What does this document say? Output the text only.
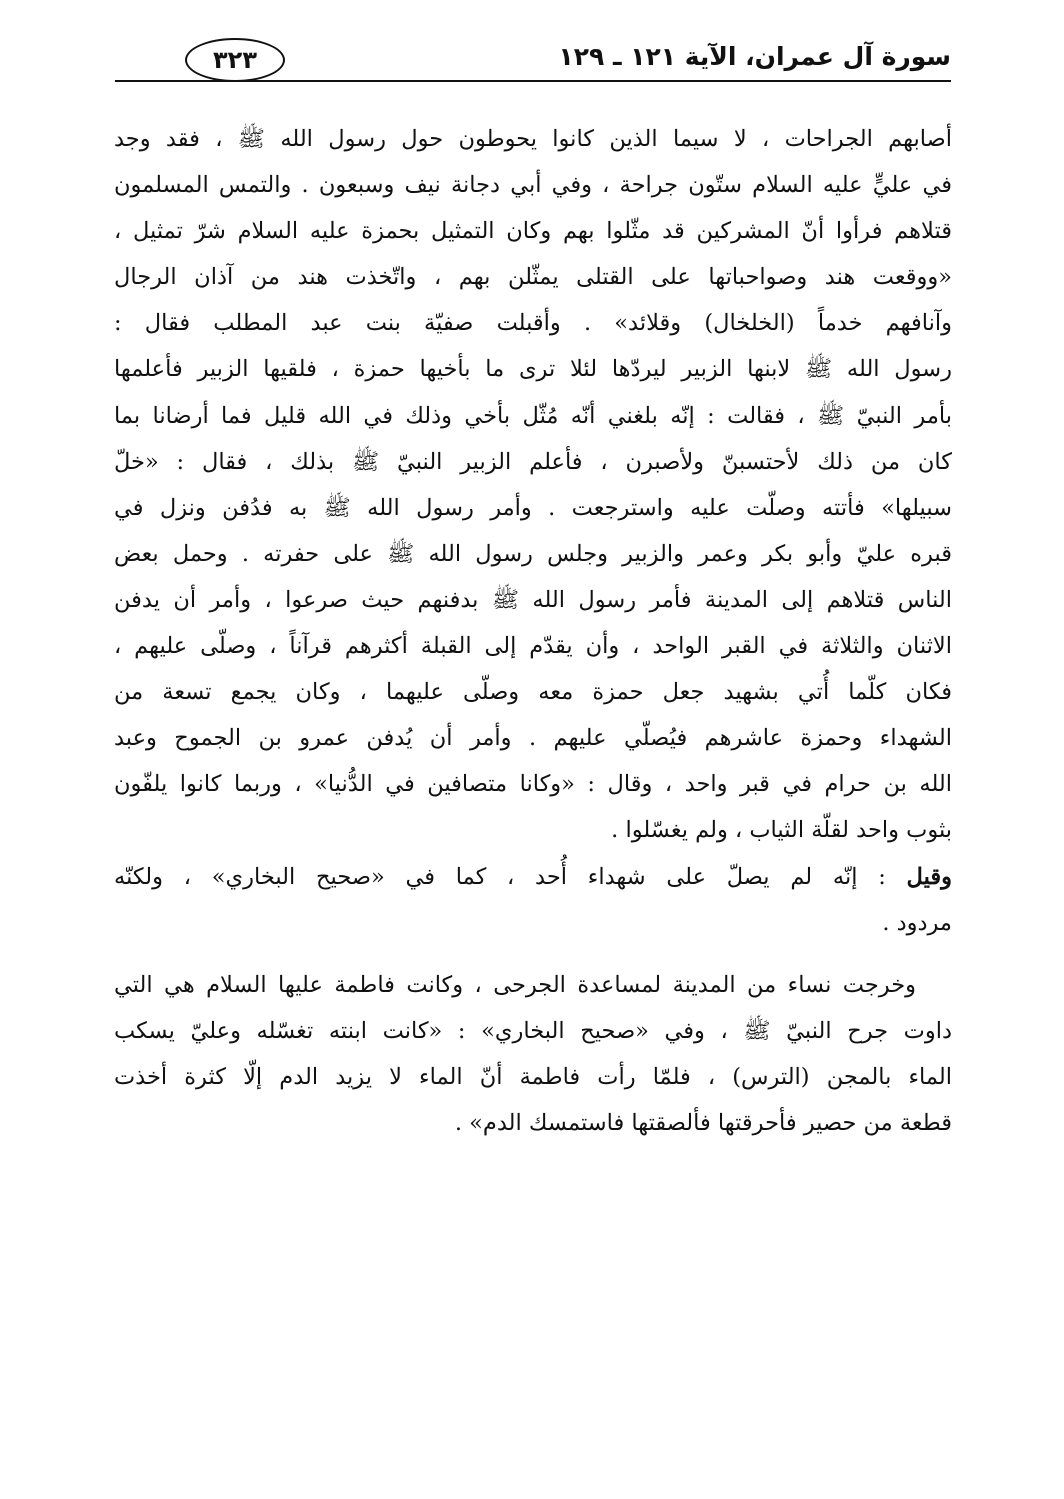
سورة آل عمران، الآية ١٢١ ـ ١٢٩
٣٢٣
أصابهم الجراحات ، لا سيما الذين كانوا يحوطون حول رسول الله ﷺ ، فقد وجد
في عليٍّ عليه السلام ستّون جراحة ، وفي أبي دجانة نيف وسبعون . والتمس المسلمون
قتلاهم فرأوا أنّ المشركين قد مثّلوا بهم وكان التمثيل بحمزة عليه السلام شرّ تمثيل ،
«ووقعت هند وصواحباتها على القتلى يمثّلن بهم ، واتّخذت هند من آذان الرجال
وآنافهم خدماً (الخلخال) وقلائد» . وأقبلت صفيّة بنت عبد المطلب فقال :
رسول الله ﷺ لابنها الزبير ليردّها لئلا ترى ما بأخيها حمزة ، فلقيها الزبير فأعلمها
بأمر النبيّ ﷺ ، فقالت : إنّه بلغني أنّه مُثّل بأخي وذلك في الله قليل فما أرضانا بما
كان من ذلك لأحتسبنّ ولأصبرن ، فأعلم الزبير النبيّ ﷺ بذلك ، فقال : «خلّ
سبيلها» فأتته وصلّت عليه واسترجعت . وأمر رسول الله ﷺ به فدُفن ونزل في
قبره عليّ وأبو بكر وعمر والزبير وجلس رسول الله ﷺ على حفرته . وحمل بعض
الناس قتلاهم إلى المدينة فأمر رسول الله ﷺ بدفنهم حيث صرعوا ، وأمر أن يدفن
الاثنان والثلاثة في القبر الواحد ، وأن يقدّم إلى القبلة أكثرهم قرآناً ، وصلّى عليهم ،
فكان كلّما أُتي بشهيد جعل حمزة معه وصلّى عليهما ، وكان يجمع تسعة من
الشهداء وحمزة عاشرهم فيُصلّي عليهم . وأمر أن يُدفن عمرو بن الجموح وعبد
الله بن حرام في قبر واحد ، وقال : «وكانا متصافين في الدُّنيا» ، وربما كانوا يلفّون
بثوب واحد لقلّة الثياب ، ولم يغسّلوا .
وقيل : إنّه لم يصلّ على شهداء أُحد ، كما في «صحيح البخاري» ، ولكنّه
مردود .
وخرجت نساء من المدينة لمساعدة الجرحى ، وكانت فاطمة عليها السلام هي التي
داوت جرح النبيّ ﷺ ، وفي «صحيح البخاري» : «كانت ابنته تغسّله وعليّ يسكب
الماء بالمجن (الترس) ، فلمّا رأت فاطمة أنّ الماء لا يزيد الدم إلّا كثرة أخذت
قطعة من حصير فأحرقتها فألصقتها فاستمسك الدم» .
